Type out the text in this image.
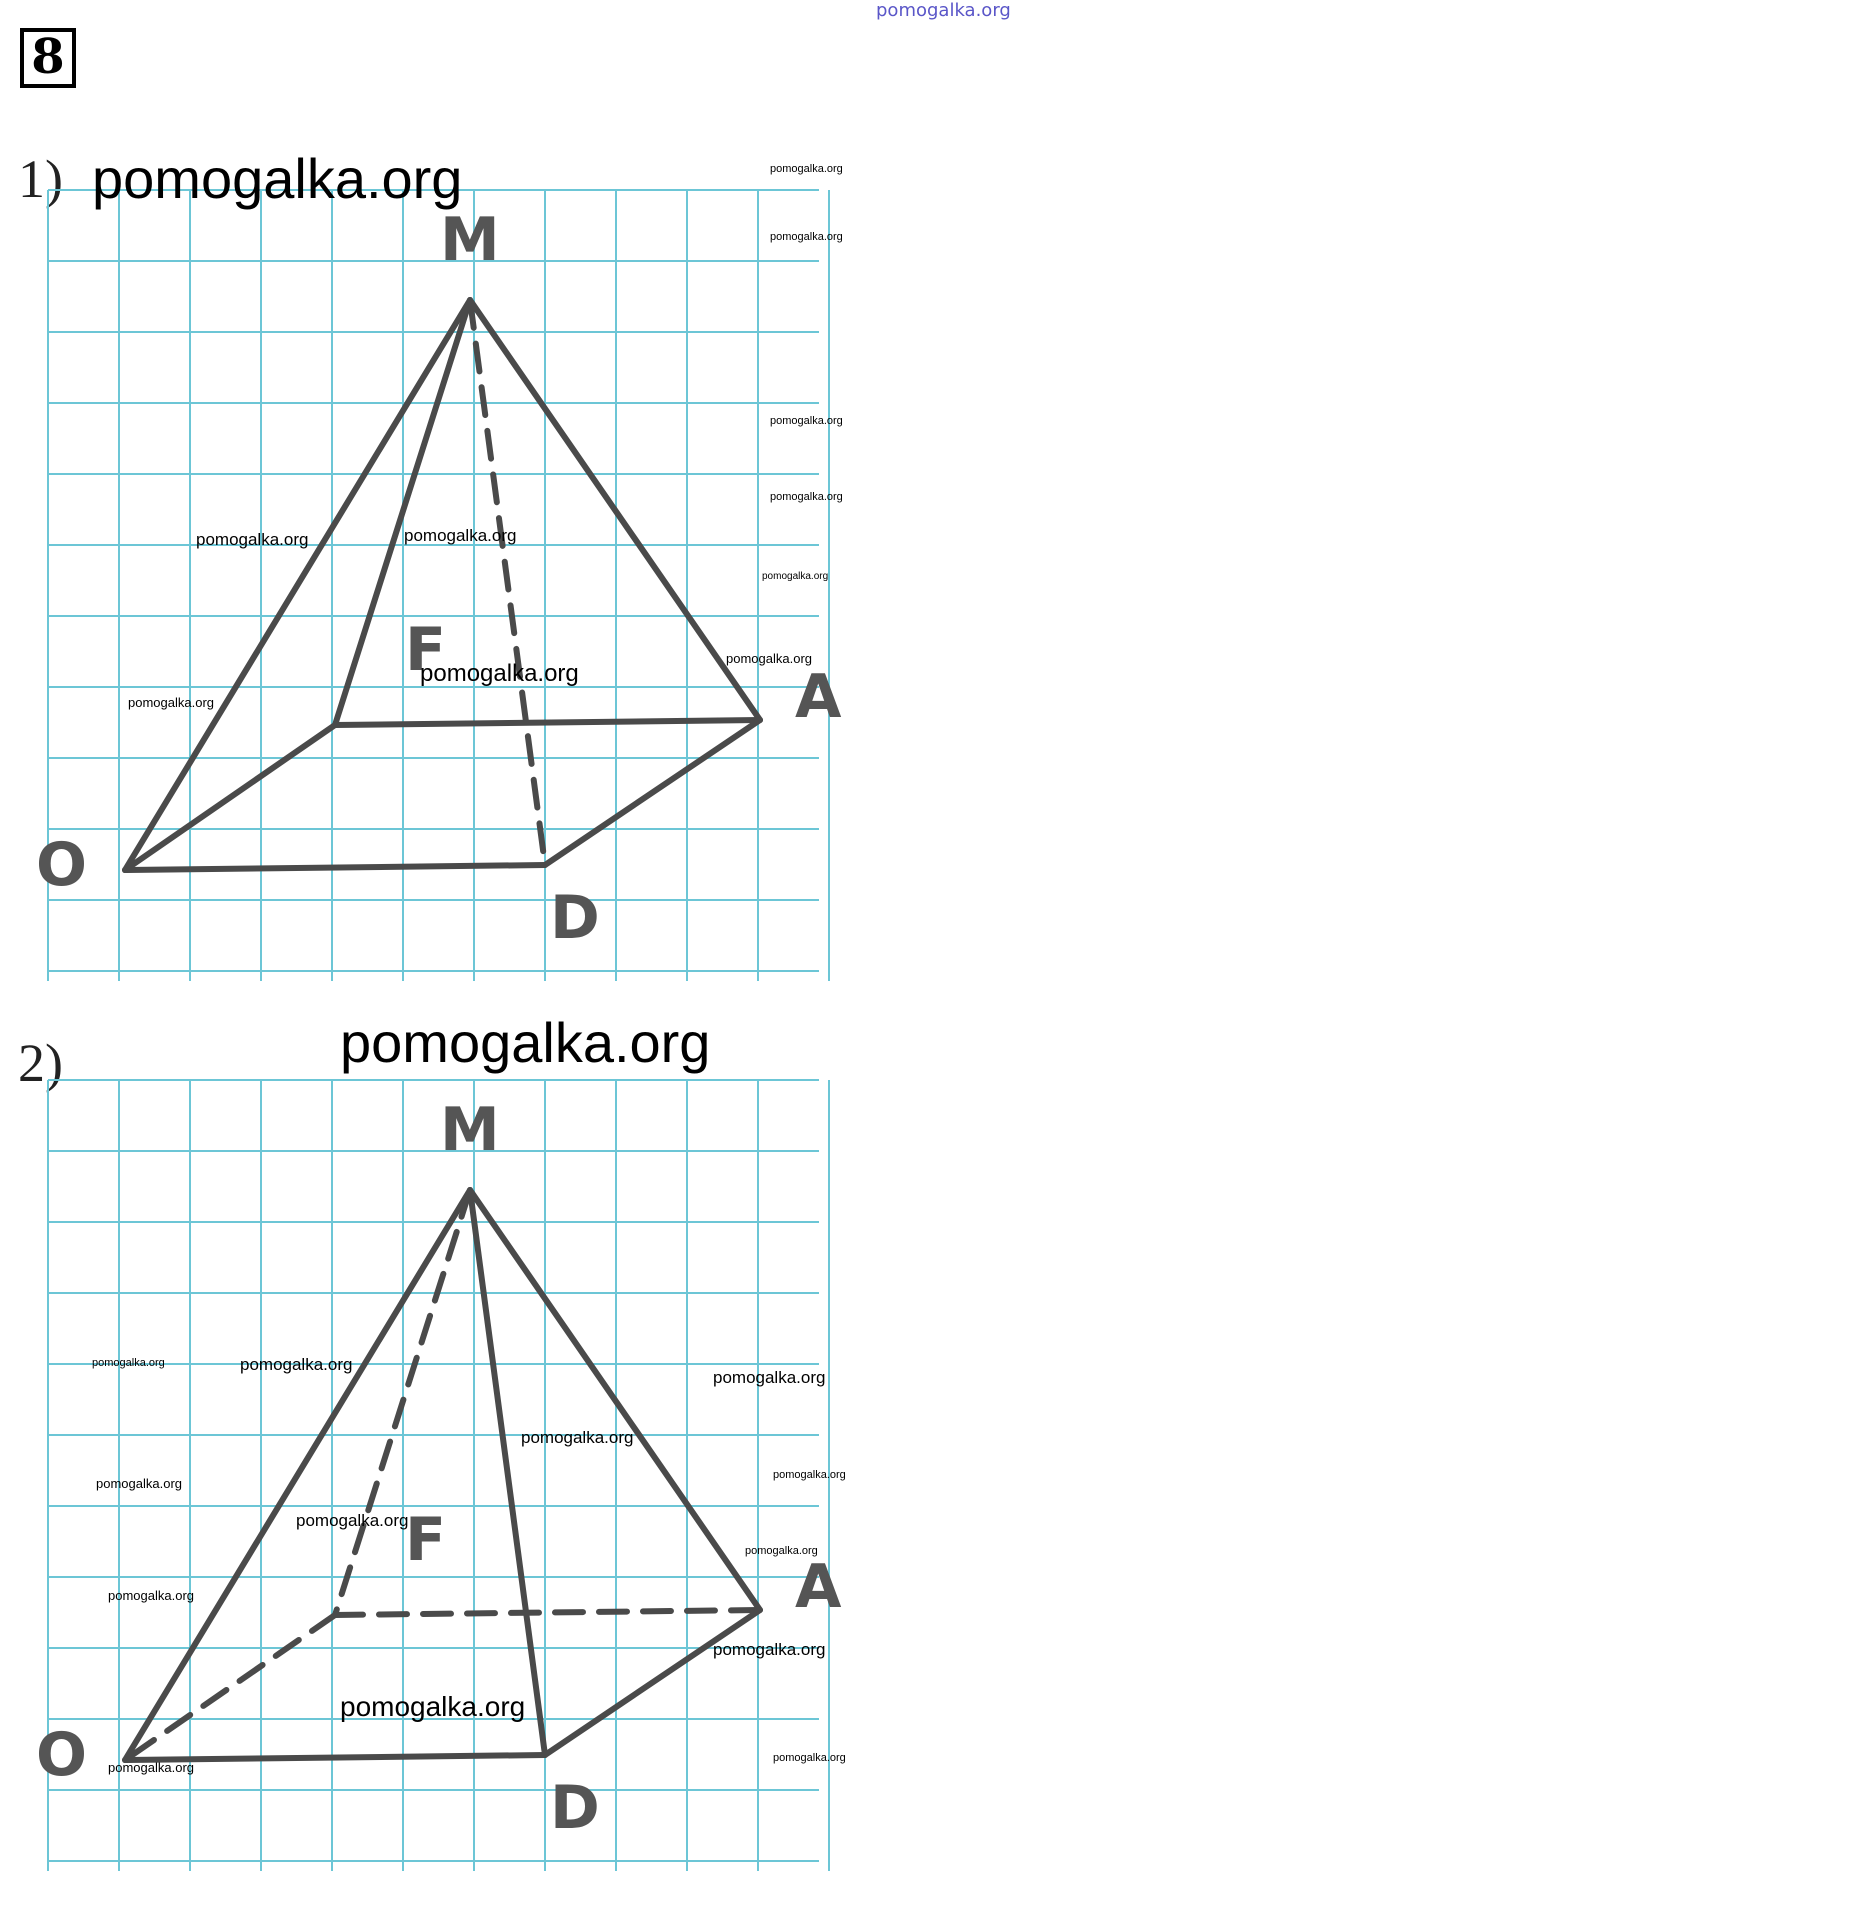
8
pomogalka.org
1)
2)
M
F
A
O
D
M
F
A
O
D
pomogalka.org	pomogalka.org
pomogalka.org
pomogalka.org
pomogalka.org
pomogalka.org
pomogalka.org	pomogalka.org
pomogalka.org
pomogalka.org
pomogalka.org
pomogalka.org
pomogalka.org	pomogalka.org
pomogalka.org
pomogalka.org
pomogalka.org
pomogalka.org
pomogalka.org
pomogalka.org
pomogalka.org
pomogalka.org
pomogalka.org
pomogalka.org
pomogalka.org
